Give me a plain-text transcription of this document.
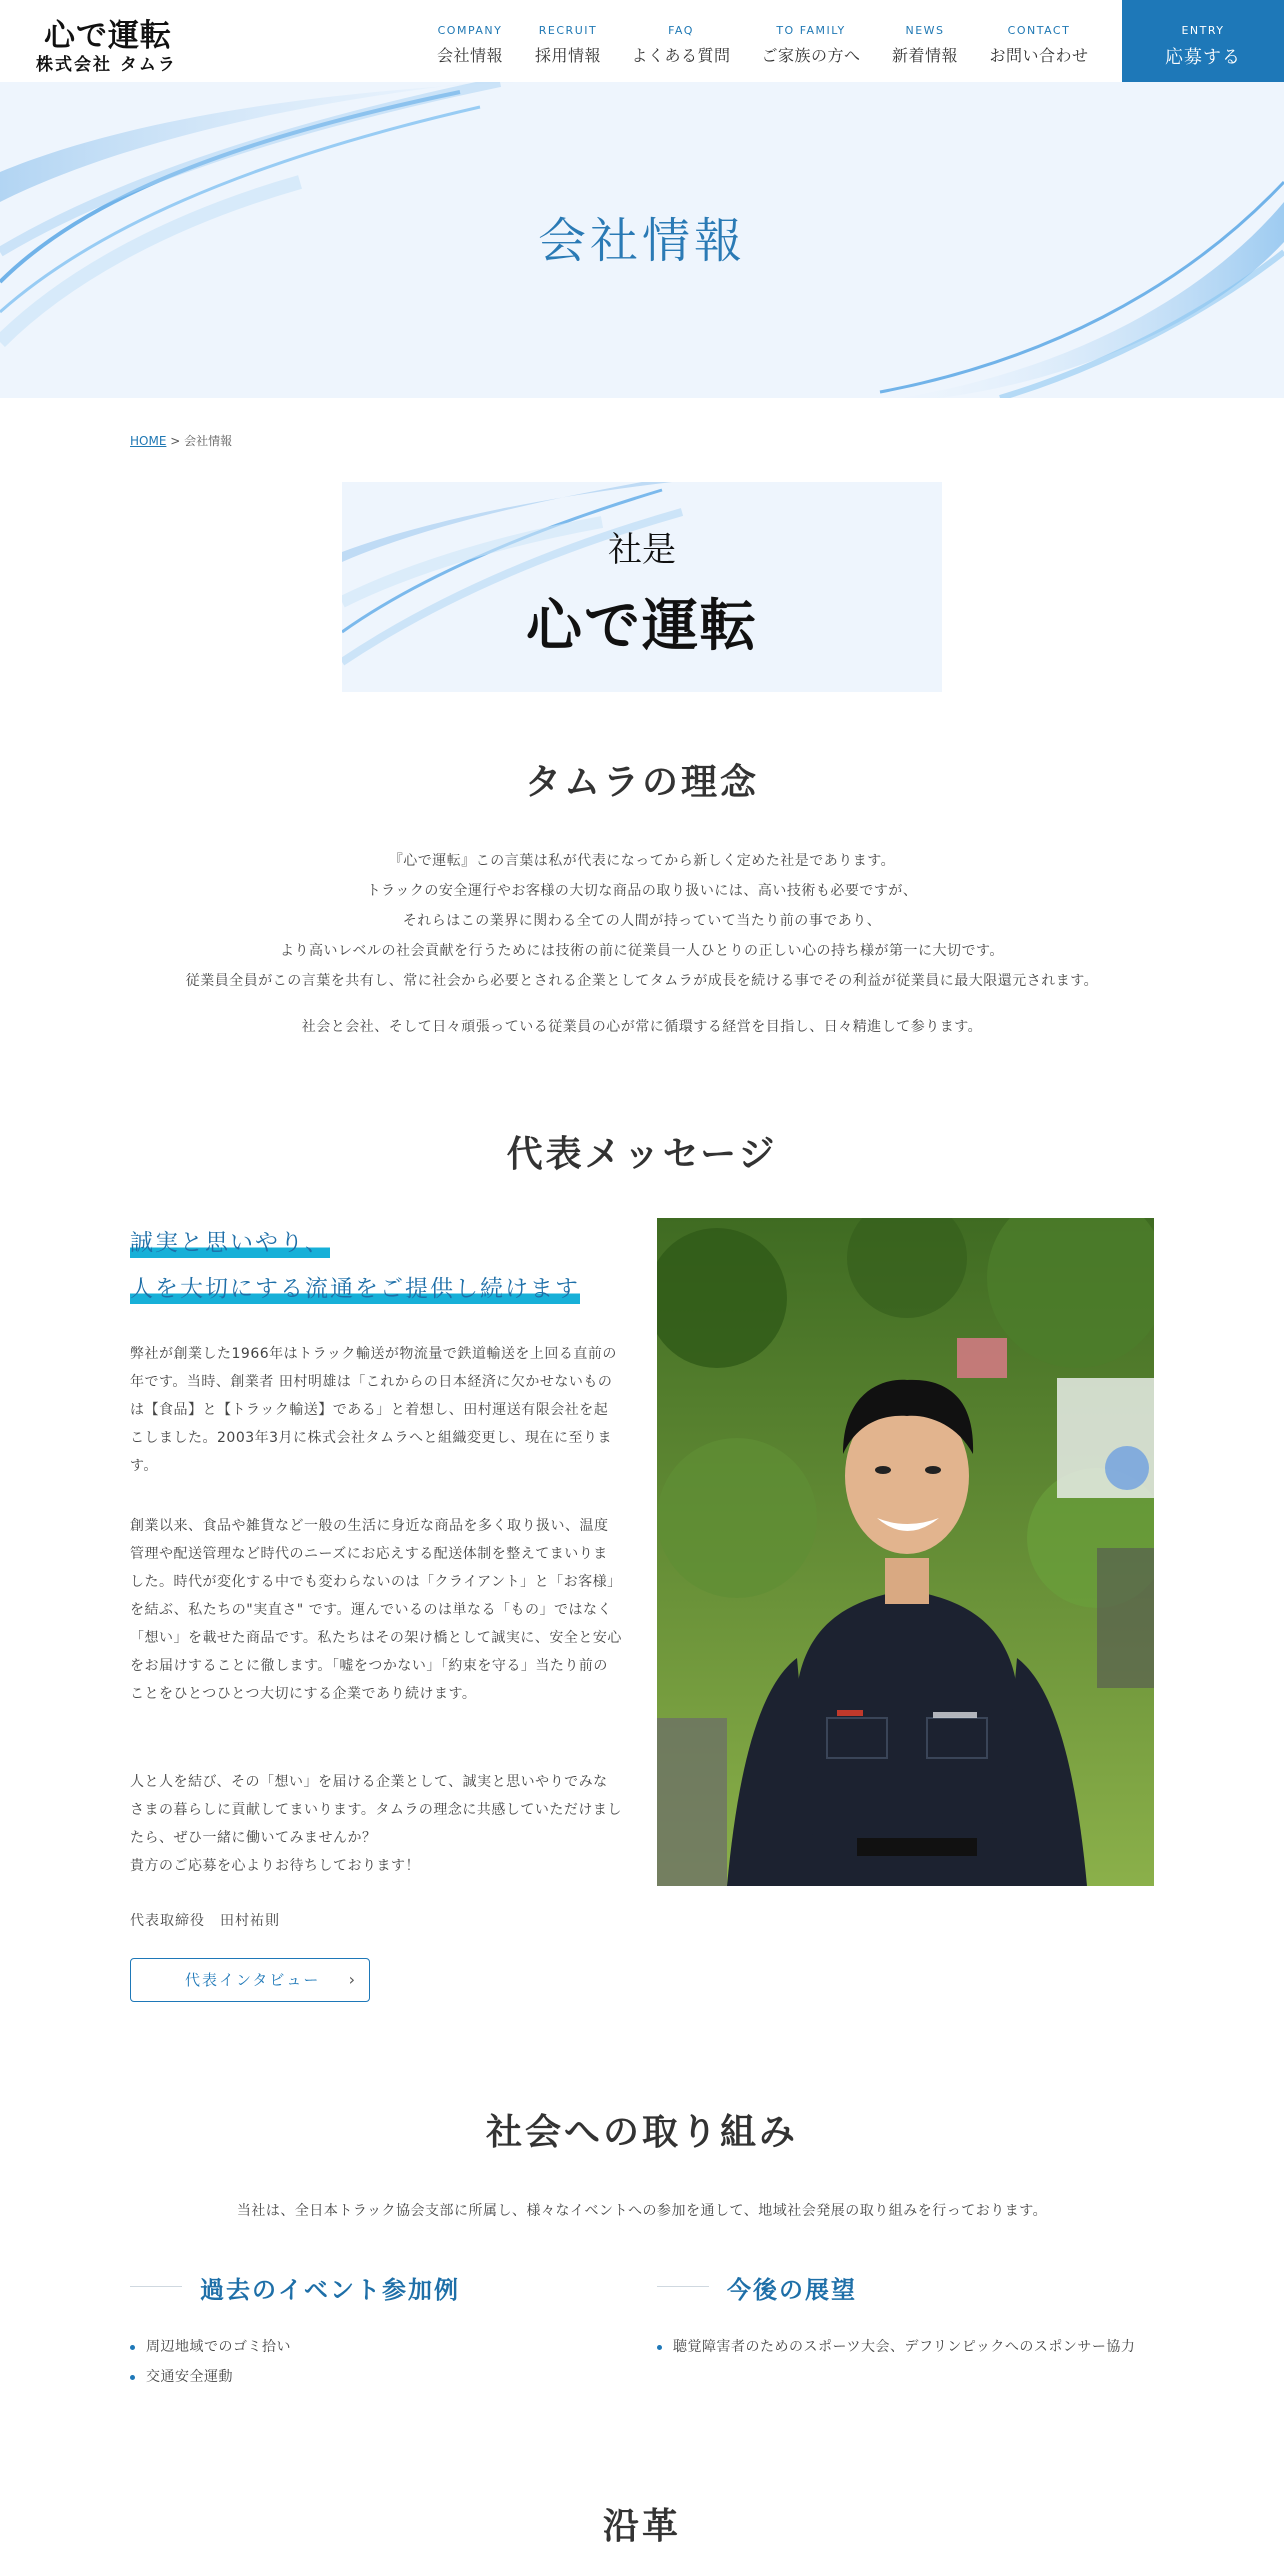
心で運転
株式会社 タムラ
COMPANY
会社情報
RECRUIT
採用情報
FAQ
よくある質問
TO FAMILY
ご家族の方へ
NEWS
新着情報
CONTACT
お問い合わせ
ENTRY
応募する
会社情報
HOME > 会社情報
社是
心で運転
タムラの理念

『心で運転』この言葉は私が代表になってから新しく定めた社是であります。

トラックの安全運行やお客様の大切な商品の取り扱いには、高い技術も必要ですが、

それらはこの業界に関わる全ての人間が持っていて当たり前の事であり、

より高いレベルの社会貢献を行うためには技術の前に従業員一人ひとりの正しい心の持ち様が第一に大切です。

従業員全員がこの言葉を共有し、常に社会から必要とされる企業としてタムラが成長を続ける事でその利益が従業員に最大限還元されます。

社会と会社、そして日々頑張っている従業員の心が常に循環する経営を目指し、日々精進して参ります。

代表メッセージ
誠実と思いやり、
人を大切にする流通をご提供し続けます

弊社が創業した1966年はトラック輸送が物流量で鉄道輸送を上回る直前の年です。当時、創業者 田村明雄は「これからの日本経済に欠かせないものは【食品】と【トラック輸送】である」と着想し、田村運送有限会社を起こしました。2003年3月に株式会社タムラへと組織変更し、現在に至ります。

創業以来、食品や雑貨など一般の生活に身近な商品を多く取り扱い、温度管理や配送管理など時代のニーズにお応えする配送体制を整えてまいりました。時代が変化する中でも変わらないのは「クライアント」と「お客様」を結ぶ、私たちの"実直さ" です。運んでいるのは単なる「もの」ではなく「想い」を載せた商品です。私たちはその架け橋として誠実に、安全と安心をお届けすることに徹します。「嘘をつかない」「約束を守る」当たり前のことをひとつひとつ大切にする企業であり続けます。

人と人を結び、その「想い」を届ける企業として、誠実と思いやりでみなさまの暮らしに貢献してまいります。タムラの理念に共感していただけましたら、ぜひ一緒に働いてみませんか？
貴方のご応募を心よりお待ちしております！

代表取締役　田村祐則

代表インタビュー ›
社会への取り組み

当社は、全日本トラック協会支部に所属し、様々なイベントへの参加を通して、地域社会発展の取り組みを行っております。

過去のイベント参加例
周辺地域でのゴミ拾い
交通安全運動
今後の展望
聴覚障害者のためのスポーツ大会、デフリンピックへのスポンサー協力
沿革
